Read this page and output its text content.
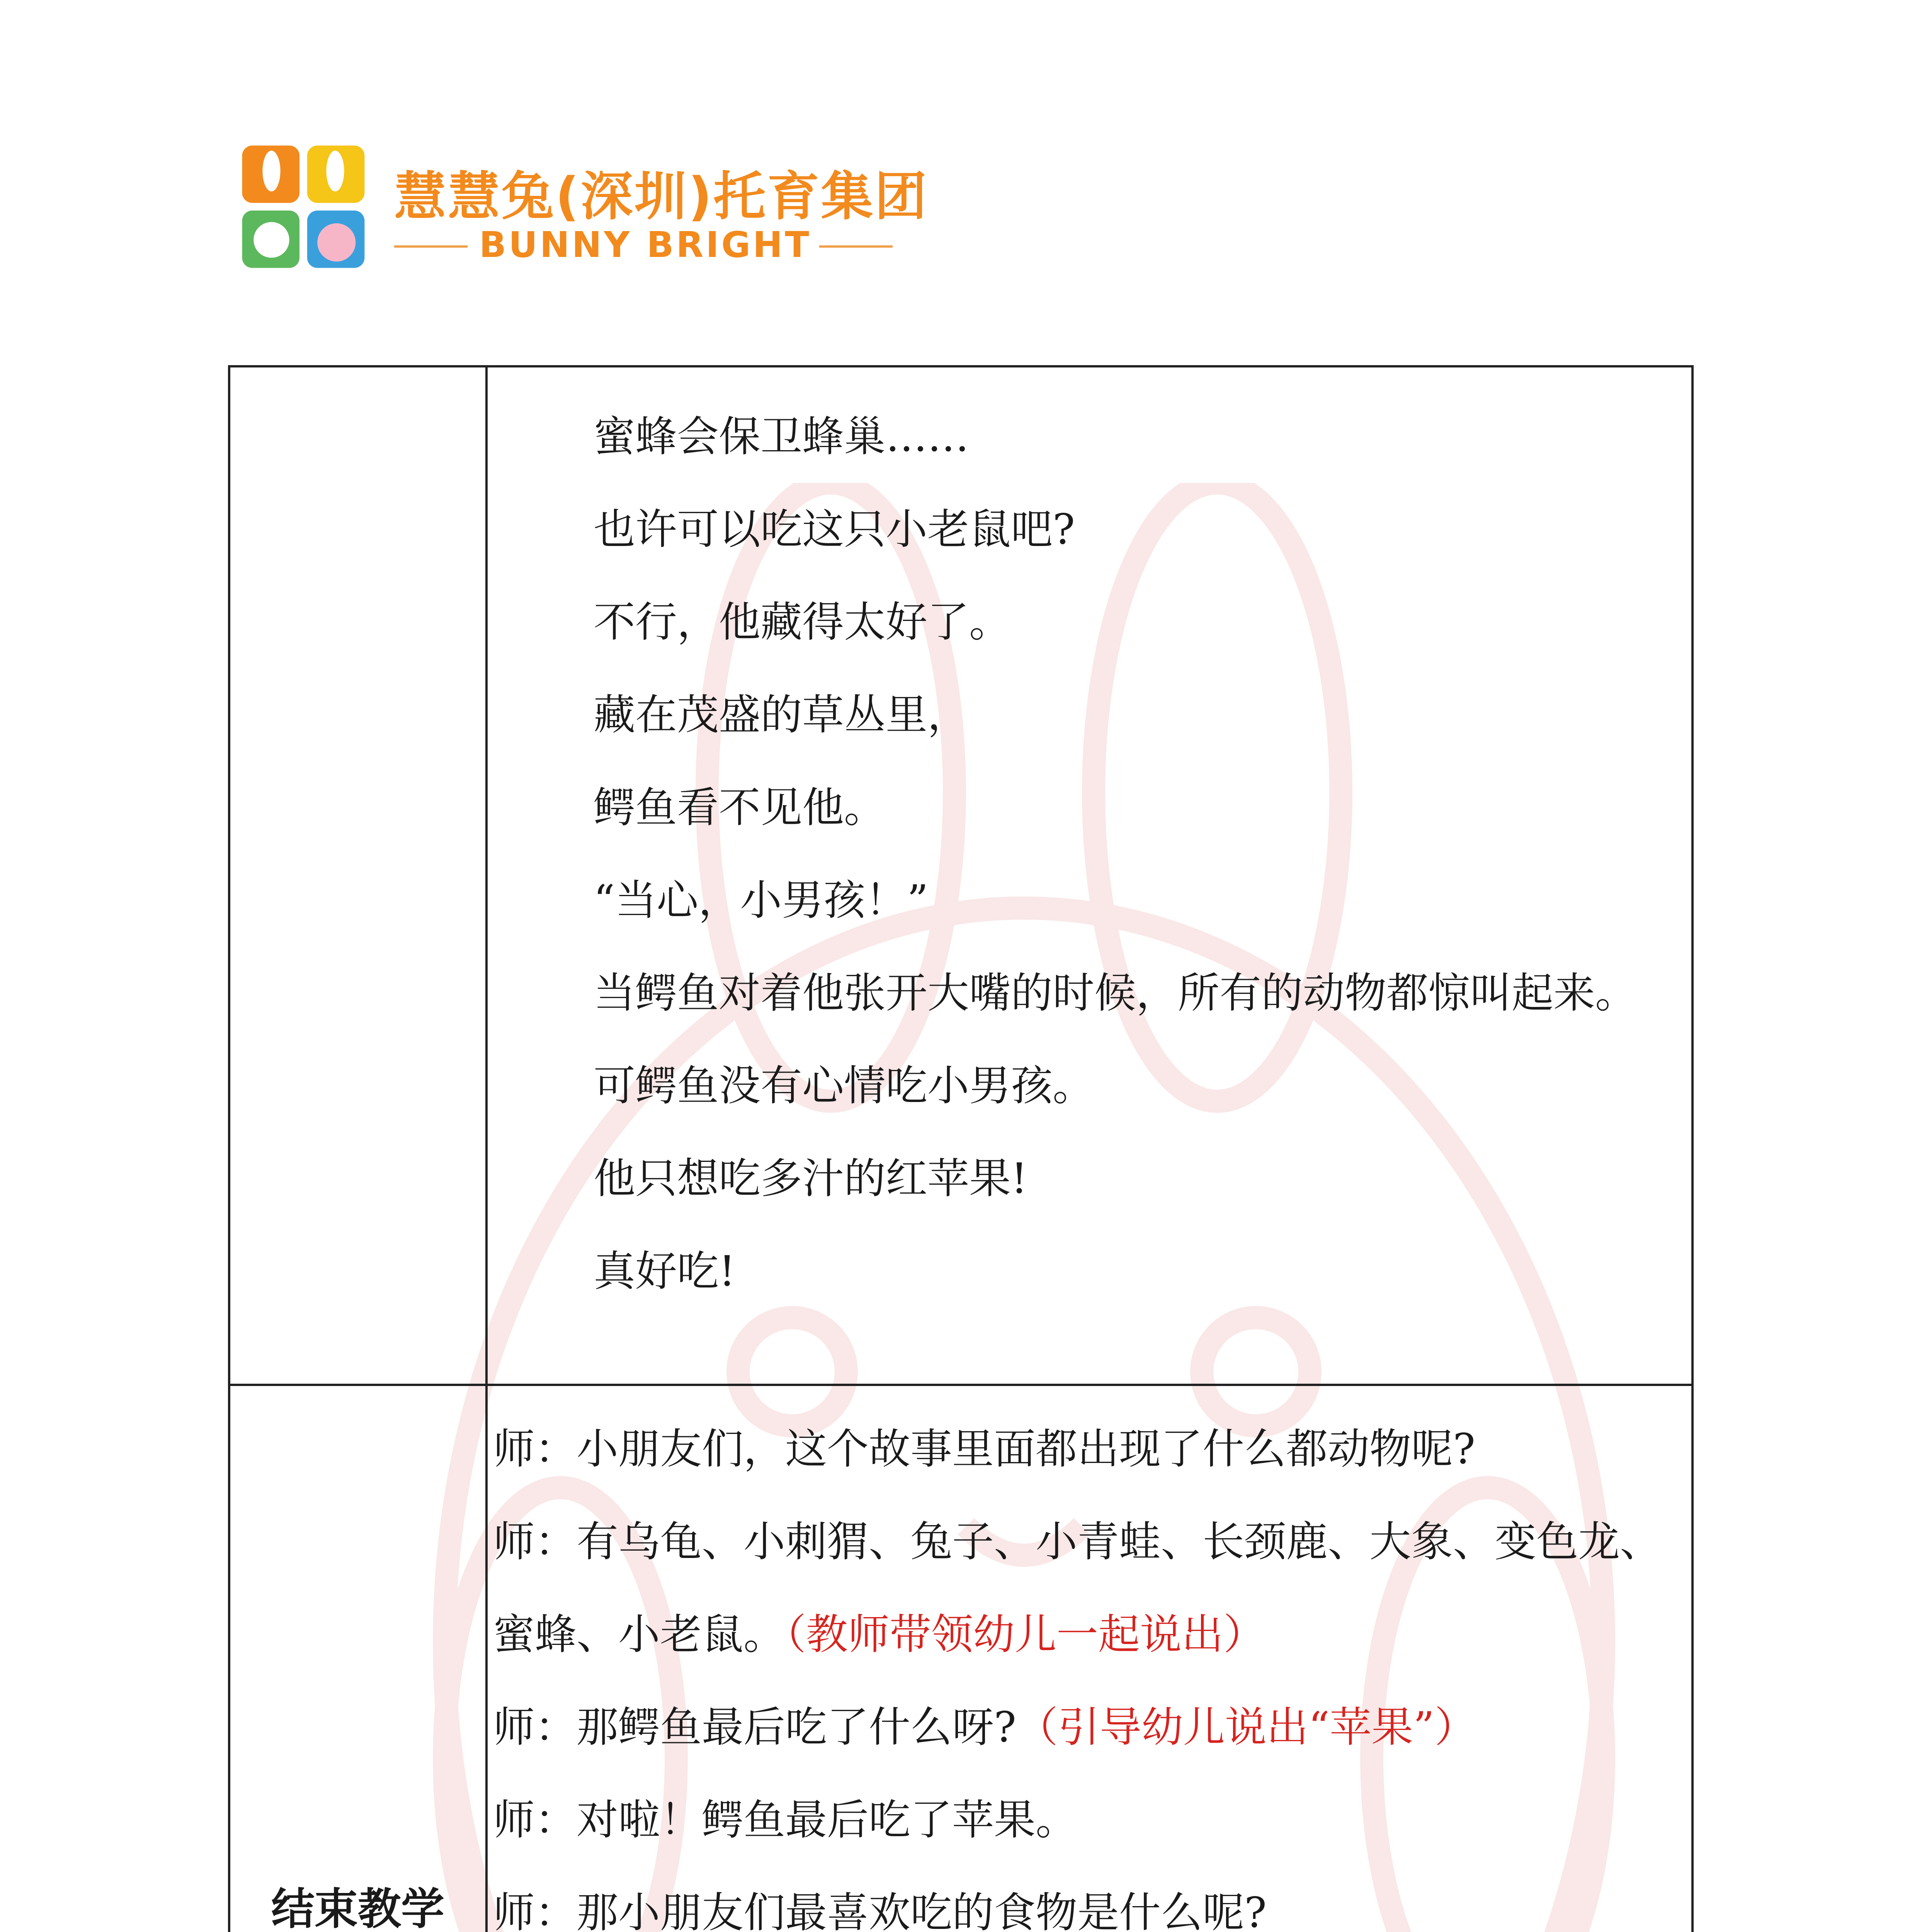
慧慧兔(深圳)托育集团
BUNNY BRIGHT

蜜蜂会保卫蜂巢……

也许可以吃这只小老鼠吧?

不行，他藏得太好了。

藏在茂盛的草丛里，

鳄鱼看不见他。

“当心，小男孩！”

当鳄鱼对着他张开大嘴的时候，所有的动物都惊叫起来。

可鳄鱼没有心情吃小男孩。

他只想吃多汁的红苹果!

真好吃!

结束教学

师：小朋友们，这个故事里面都出现了什么都动物呢?

师：有乌龟、小刺猬、兔子、小青蛙、长颈鹿、大象、变色龙、蜜蜂、小老鼠。（教师带领幼儿一起说出）

师：那鳄鱼最后吃了什么呀?（引导幼儿说出“苹果”）

师：对啦！鳄鱼最后吃了苹果。

师：那小朋友们最喜欢吃的食物是什么呢?
